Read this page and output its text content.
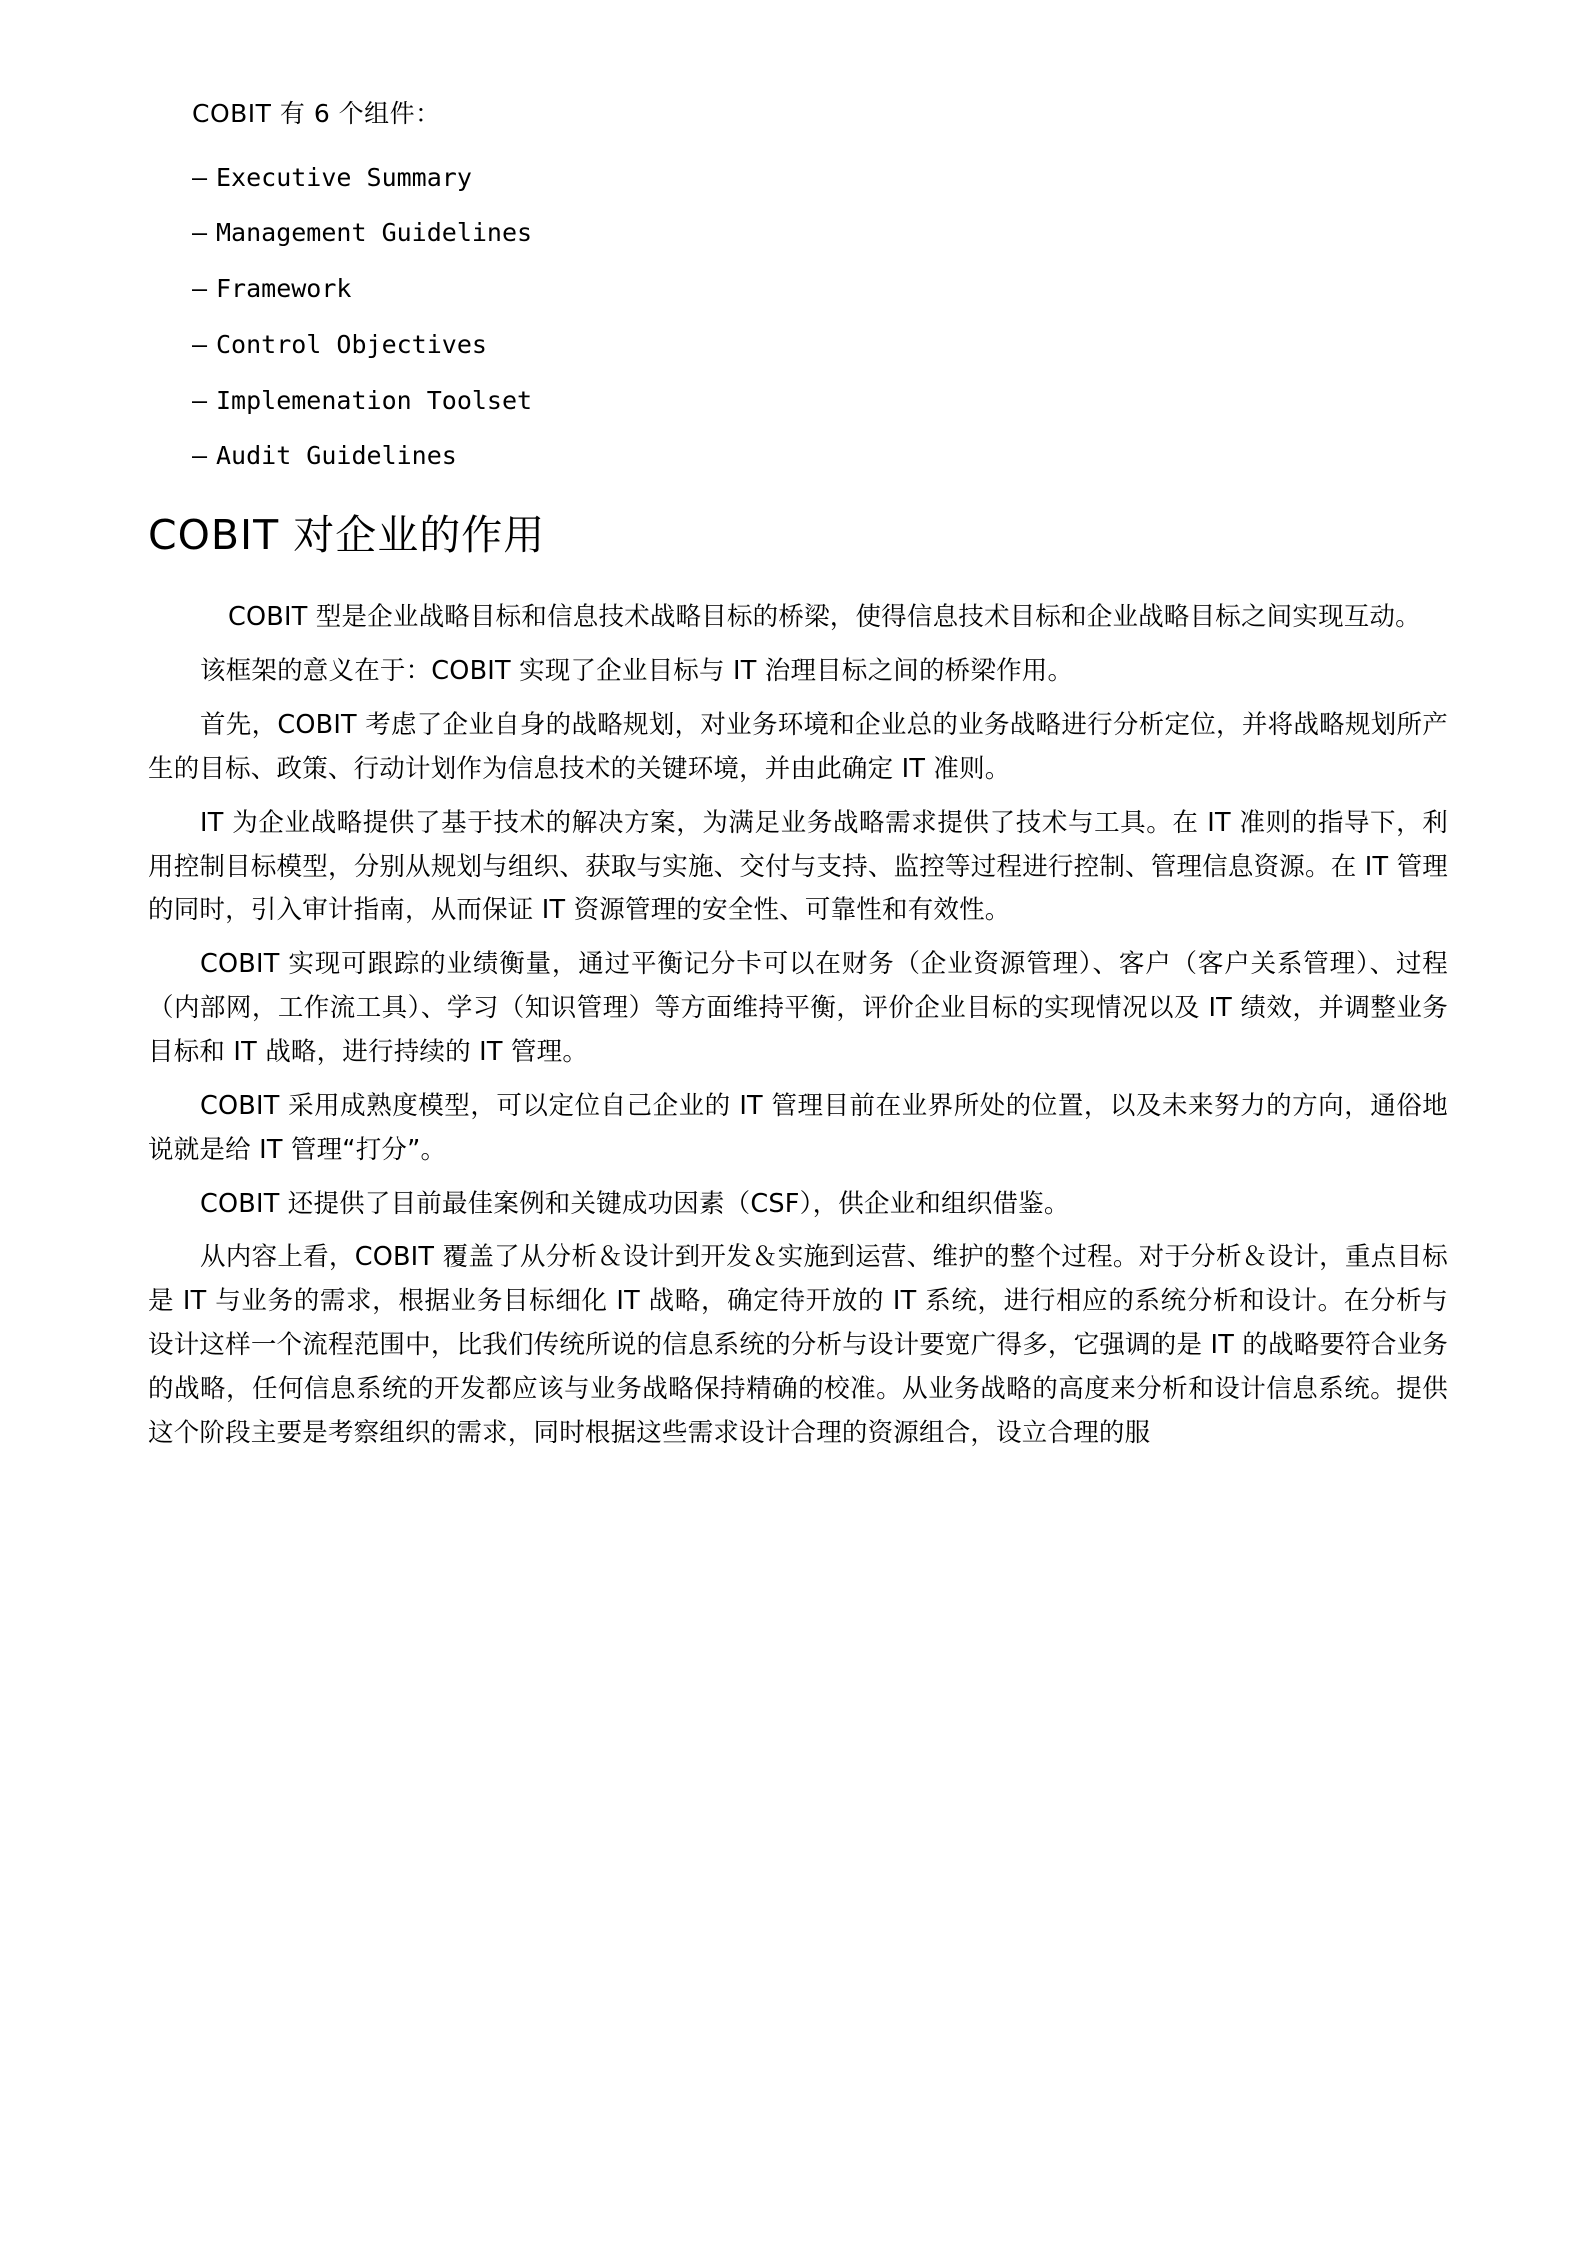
COBIT 有 6 个组件：
– Executive Summary
– Management Guidelines
– Framework
– Control Objectives
– Implemenation Toolset
– Audit Guidelines
COBIT 对企业的作用

COBIT 型是企业战略目标和信息技术战略目标的桥梁，使得信息技术目标和企业战略目标之间实现互动。

该框架的意义在于：COBIT 实现了企业目标与 IT 治理目标之间的桥梁作用。

首先，COBIT 考虑了企业自身的战略规划，对业务环境和企业总的业务战略进行分析定位，并将战略规划所产生的目标、政策、行动计划作为信息技术的关键环境，并由此确定 IT 准则。

IT 为企业战略提供了基于技术的解决方案，为满足业务战略需求提供了技术与工具。在 IT 准则的指导下，利用控制目标模型，分别从规划与组织、获取与实施、交付与支持、监控等过程进行控制、管理信息资源。在 IT 管理的同时，引入审计指南，从而保证 IT 资源管理的安全性、可靠性和有效性。

COBIT 实现可跟踪的业绩衡量，通过平衡记分卡可以在财务（企业资源管理）、客户（客户关系管理）、过程（内部网，工作流工具）、学习（知识管理）等方面维持平衡，评价企业目标的实现情况以及 IT 绩效，并调整业务目标和 IT 战略，进行持续的 IT 管理。

COBIT 采用成熟度模型，可以定位自己企业的 IT 管理目前在业界所处的位置，以及未来努力的方向，通俗地说就是给 IT 管理“打分”。

COBIT 还提供了目前最佳案例和关键成功因素（CSF），供企业和组织借鉴。

从内容上看，COBIT 覆盖了从分析＆设计到开发＆实施到运营、维护的整个过程。对于分析＆设计，重点目标是 IT 与业务的需求，根据业务目标细化 IT 战略，确定待开放的 IT 系统，进行相应的系统分析和设计。在分析与设计这样一个流程范围中，比我们传统所说的信息系统的分析与设计要宽广得多，它强调的是 IT 的战略要符合业务的战略，任何信息系统的开发都应该与业务战略保持精确的校准。从业务战略的高度来分析和设计信息系统。提供这个阶段主要是考察组织的需求，同时根据这些需求设计合理的资源组合，设立合理的服
